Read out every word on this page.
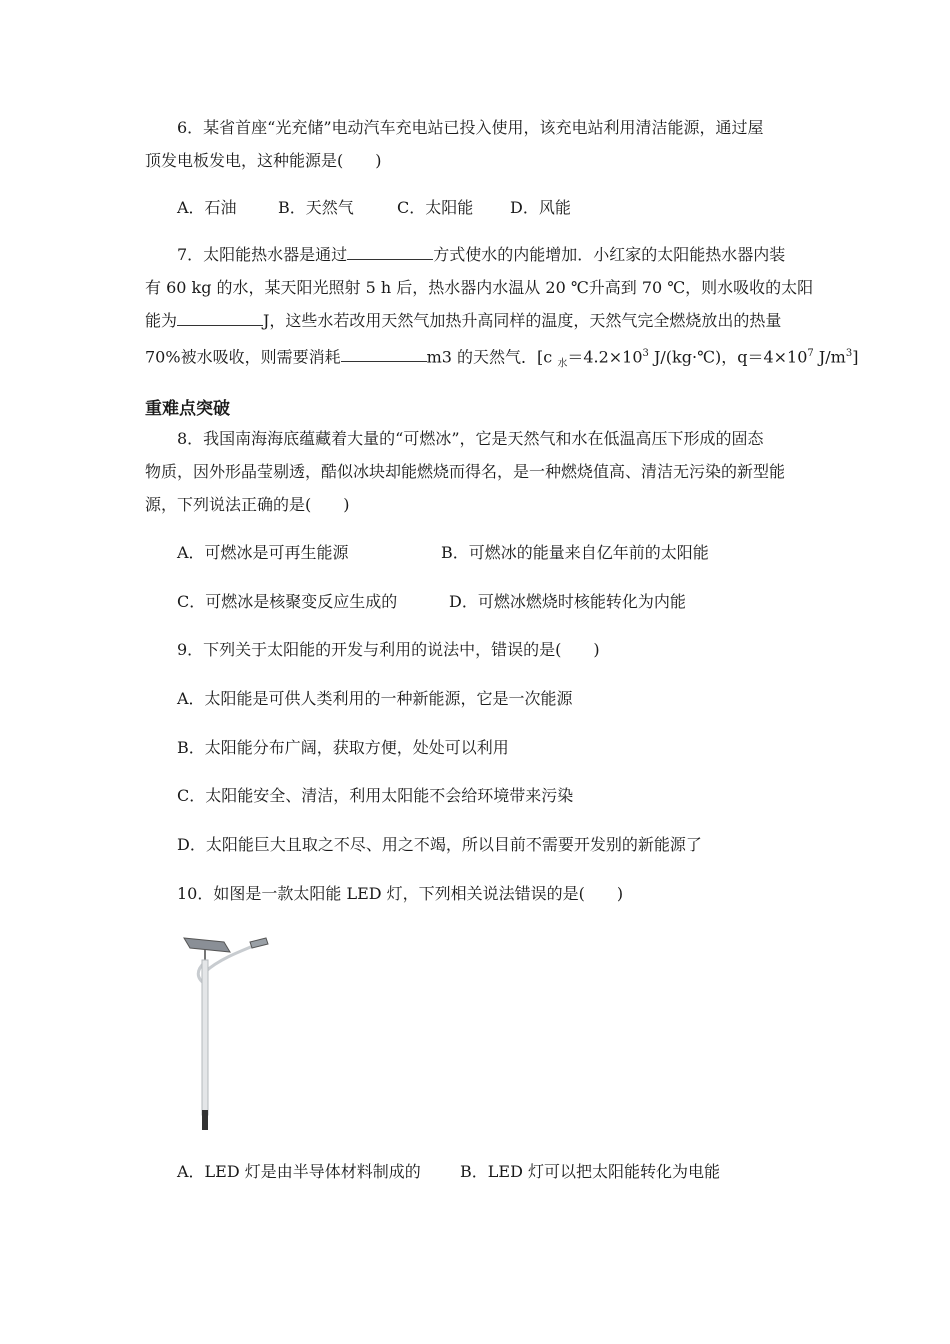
6．某省首座“光充储”电动汽车充电站已投入使用，该充电站利用清洁能源，通过屋
顶发电板发电，这种能源是(　　)
A．石油	B．天然气	C．太阳能 D．风能
7．太阳能热水器是通过	方式使水的内能增加．小红家的太阳能热水器内装
有 60 kg 的水，某天阳光照射 5 h 后，热水器内水温从 20 ℃升高到 70 ℃，则水吸收的太阳
能为	J，这些水若改用天然气加热升高同样的温度，天然气完全燃烧放出的热量
70%被水吸收，则需要消耗	m3 的天然气．[c $_水=4.2\times 10^3$ J/(kg·℃)，$q=4\times 10^7$ $J/m^3$]
重难点突破
8．我国南海海底蕴藏着大量的“可燃冰”，它是天然气和水在低温高压下形成的固态
物质，因外形晶莹剔透，酷似冰块却能燃烧而得名，是一种燃烧值高、清洁无污染的新型能
源，下列说法正确的是(　　)
A．可燃冰是可再生能源	B．可燃冰的能量来自亿年前的太阳能
C．可燃冰是核聚变反应生成的	D．可燃冰燃烧时核能转化为内能
9．下列关于太阳能的开发与利用的说法中，错误的是(　　)
A．太阳能是可供人类利用的一种新能源，它是一次能源
B．太阳能分布广阔，获取方便，处处可以利用
C．太阳能安全、清洁，利用太阳能不会给环境带来污染
D．太阳能巨大且取之不尽、用之不竭，所以目前不需要开发别的新能源了
10．如图是一款太阳能 LED 灯，下列相关说法错误的是(　　)
A．LED 灯是由半导体材料制成的 B．LED 灯可以把太阳能转化为电能
